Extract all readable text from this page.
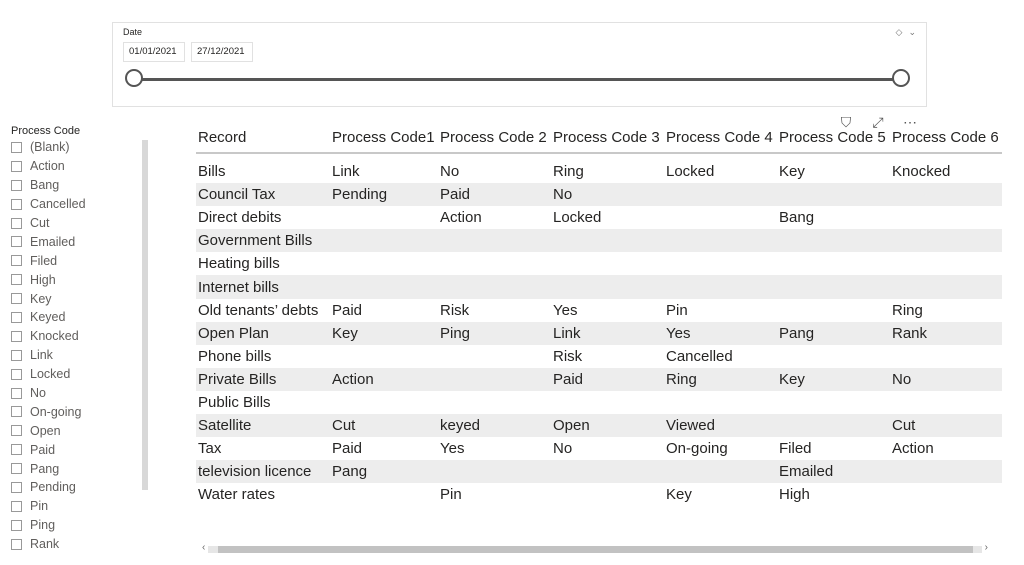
Date	◇ ⌄
01/01/2021	27/12/2021
Process Code
(Blank)
Action
Bang
Cancelled
Cut
Emailed
Filed
High
Key
Keyed
Knocked
Link
Locked
No
On-going
Open
Paid
Pang
Pending
Pin
Ping
Rank
⛉	⤢	⋯
Record	Process Code1	Process Code 2	Process Code 3	Process Code 4	Process Code 5	Process Code 6

Bills	Link	No	Ring	Locked	Key	Knocked
Council Tax	Pending	Paid	No			
Direct debits		Action	Locked		Bang	
Government Bills						
Heating bills						
Internet bills						
Old tenants’ debts	Paid	Risk	Yes	Pin		Ring
Open Plan	Key	Ping	Link	Yes	Pang	Rank
Phone bills			Risk	Cancelled		
Private Bills	Action		Paid	Ring	Key	No
Public Bills						
Satellite	Cut	keyed	Open	Viewed		Cut
Tax	Paid	Yes	No	On-going	Filed	Action
television licence	Pang				Emailed	
Water rates		Pin		Key	High	
‹	›
